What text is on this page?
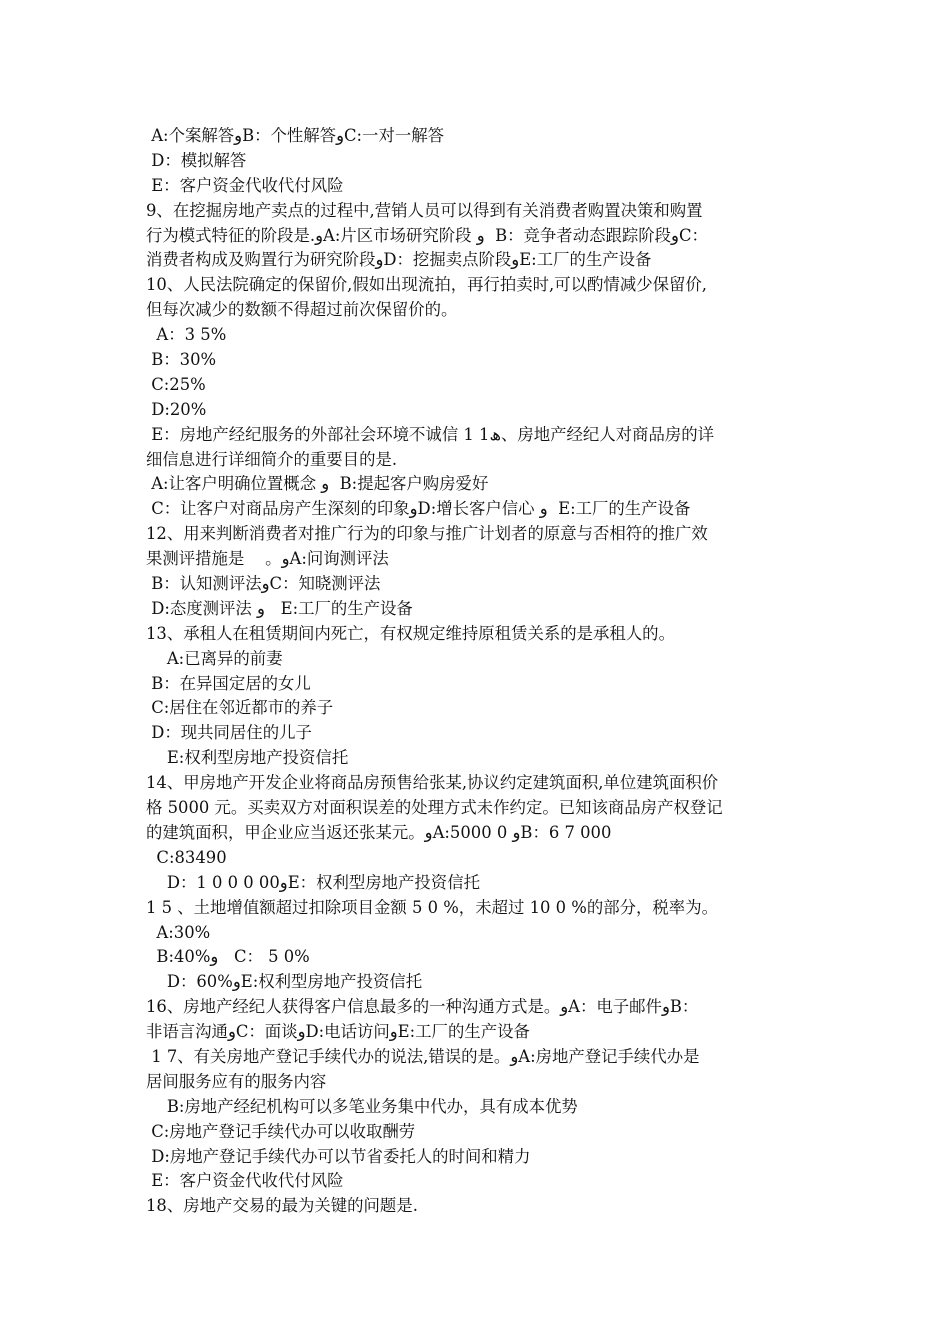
A:个案解答وB：个性解答وC:一对一解答
D：模拟解答
E：客户资金代收代付风险
9、在挖掘房地产卖点的过程中,营销人员可以得到有关消费者购置决策和购置
行为模式特征的阶段是.وA:片区市场研究阶段 و  B：竞争者动态跟踪阶段وC：
消费者构成及购置行为研究阶段وD：挖掘卖点阶段وE:工厂的生产设备
10、人民法院确定的保留价,假如出现流拍，再行拍卖时,可以酌情减少保留价,
但每次减少的数额不得超过前次保留价的。
A：3 5%
B：30%
C:25%
D:20%
E：房地产经纪服务的外部社会环境不诚信 1 1ھ、房地产经纪人对商品房的详
细信息进行详细简介的重要目的是.
A:让客户明确位置概念 و  B:提起客户购房爱好
C：让客户对商品房产生深刻的印象وD:增长客户信心 و  E:工厂的生产设备
12、用来判断消费者对推广行为的印象与推广计划者的原意与否相符的推广效
果测评措施是    。وA:问询测评法
B：认知测评法وC：知晓测评法
D:态度测评法 و   E:工厂的生产设备
13、承租人在租赁期间内死亡，有权规定维持原租赁关系的是承租人的。
A:已离异的前妻
B：在异国定居的女儿
C:居住在邻近都市的养子
D：现共同居住的儿子
E:权利型房地产投资信托
14、甲房地产开发企业将商品房预售给张某,协议约定建筑面积,单位建筑面积价
格 5000 元。买卖双方对面积误差的处理方式未作约定。已知该商品房产权登记
的建筑面积，甲企业应当返还张某元。وA:5000 0 وB：6 7 000
C:83490
D：1 0 0 0 00وE：权利型房地产投资信托
1 5 、土地增值额超过扣除项目金额 5 0 %，未超过 10 0 %的部分，税率为。
A:30%
B:40%و   C： 5 0%
D：60%وE:权利型房地产投资信托
16、房地产经纪人获得客户信息最多的一种沟通方式是。وA：电子邮件وB：
非语言沟通وC：面谈وD:电话访问وE:工厂的生产设备
1 7、有关房地产登记手续代办的说法,错误的是。وA:房地产登记手续代办是
居间服务应有的服务内容
B:房地产经纪机构可以多笔业务集中代办，具有成本优势
C:房地产登记手续代办可以收取酬劳
D:房地产登记手续代办可以节省委托人的时间和精力
E：客户资金代收代付风险
18、房地产交易的最为关键的问题是.
